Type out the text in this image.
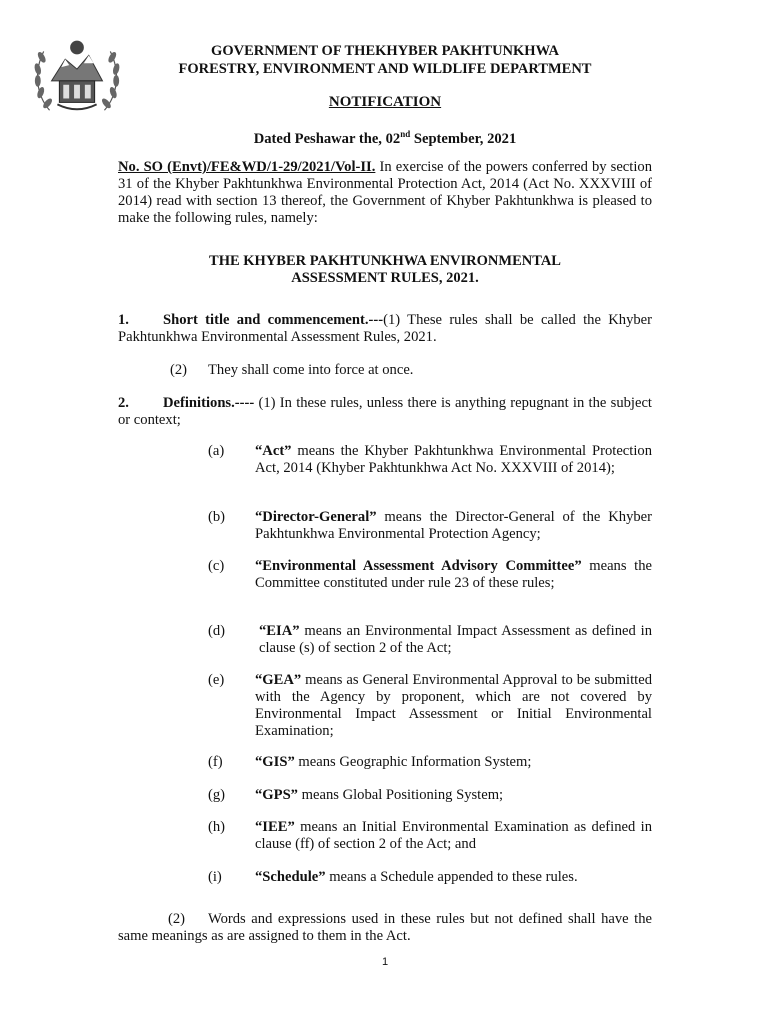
GOVERNMENT OF THEKHYBER PAKHTUNKHWA
FORESTRY, ENVIRONMENT AND WILDLIFE DEPARTMENT
NOTIFICATION
Dated Peshawar the, 02nd September, 2021
No. SO (Envt)/FE&WD/1-29/2021/Vol-II. In exercise of the powers conferred by section 31 of the Khyber Pakhtunkhwa Environmental Protection Act, 2014 (Act No. XXXVIII of 2014) read with section 13 thereof, the Government of Khyber Pakhtunkhwa is pleased to make the following rules, namely:
THE KHYBER PAKHTUNKHWA ENVIRONMENTAL
ASSESSMENT RULES, 2021.
1. Short title and commencement.---(1) These rules shall be called the Khyber Pakhtunkhwa Environmental Assessment Rules, 2021.
(2) They shall come into force at once.
2. Definitions.---- (1) In these rules, unless there is anything repugnant in the subject or context;
(a) “Act” means the Khyber Pakhtunkhwa Environmental Protection Act, 2014 (Khyber Pakhtunkhwa Act No. XXXVIII of 2014);
(b) “Director-General” means the Director-General of the Khyber Pakhtunkhwa Environmental Protection Agency;
(c) “Environmental Assessment Advisory Committee” means the Committee constituted under rule 23 of these rules;
(d) “EIA” means an Environmental Impact Assessment as defined in clause (s) of section 2 of the Act;
(e) “GEA” means as General Environmental Approval to be submitted with the Agency by proponent, which are not covered by Environmental Impact Assessment or Initial Environmental Examination;
(f) “GIS” means Geographic Information System;
(g) “GPS” means Global Positioning System;
(h) “IEE” means an Initial Environmental Examination as defined in clause (ff) of section 2 of the Act; and
(i) “Schedule” means a Schedule appended to these rules.
(2) Words and expressions used in these rules but not defined shall have the same meanings as are assigned to them in the Act.
1
